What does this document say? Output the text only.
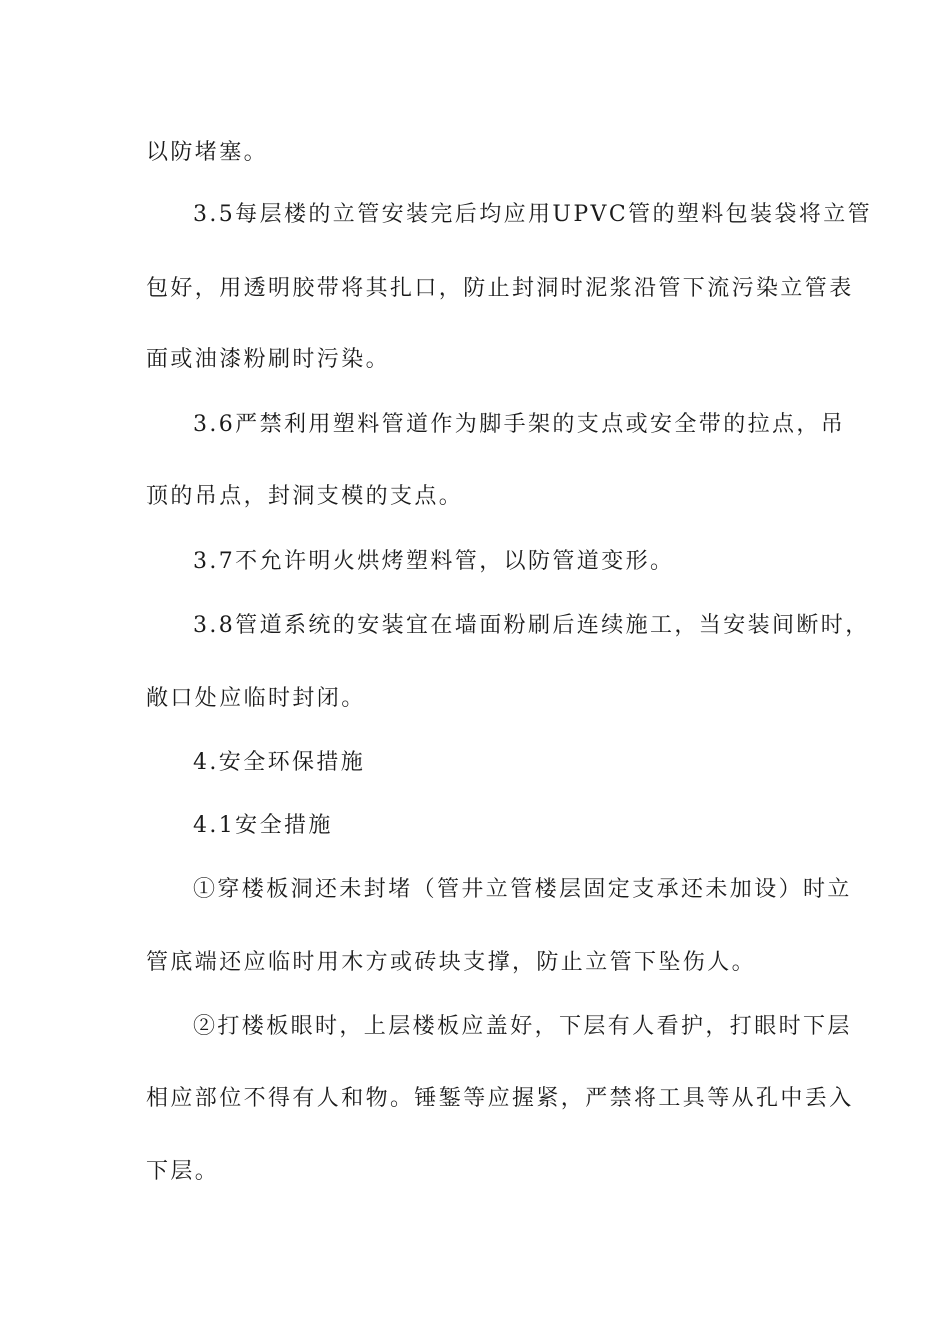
以防堵塞。
3.5每层楼的立管安装完后均应用UPVC管的塑料包装袋将立管
包好，用透明胶带将其扎口，防止封洞时泥浆沿管下流污染立管表
面或油漆粉刷时污染。
3.6严禁利用塑料管道作为脚手架的支点或安全带的拉点，吊
顶的吊点，封洞支模的支点。
3.7不允许明火烘烤塑料管，以防管道变形。
3.8管道系统的安装宜在墙面粉刷后连续施工，当安装间断时，
敞口处应临时封闭。
4.安全环保措施
4.1安全措施
①穿楼板洞还未封堵（管井立管楼层固定支承还未加设）时立
管底端还应临时用木方或砖块支撑，防止立管下坠伤人。
②打楼板眼时，上层楼板应盖好，下层有人看护，打眼时下层
相应部位不得有人和物。锤錾等应握紧，严禁将工具等从孔中丢入
下层。
